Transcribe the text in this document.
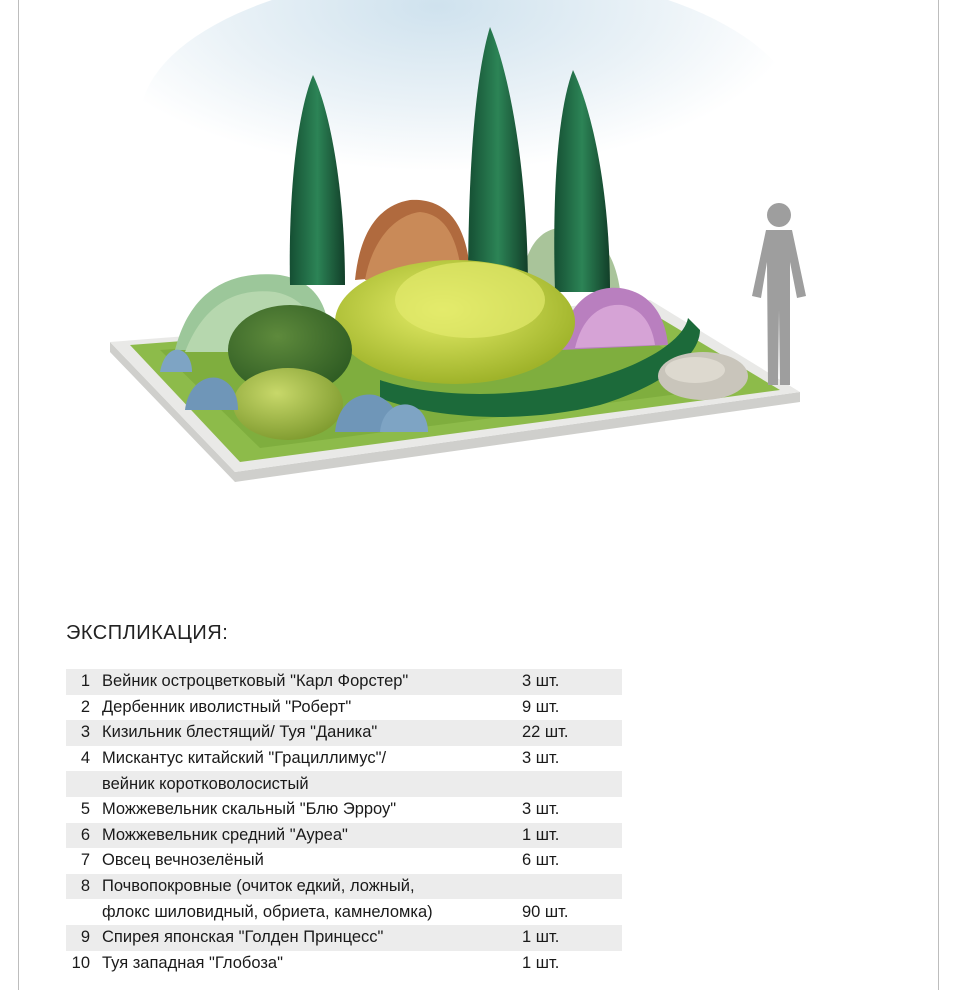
ЭКСПЛИКАЦИЯ:
1 Вейник остроцветковый "Карл Форстер"	3 шт.
2 Дербенник иволистный "Роберт"	9 шт.
3 Кизильник блестящий/ Туя "Даника"	22 шт.
4 Мискантус китайский "Грациллимус"/	3 шт.
вейник коротковолосистый
5 Можжевельник скальный "Блю Эрроу"	3 шт.
6 Можжевельник средний "Ауреа"	1 шт.
7 Овсец вечнозелёный	6 шт.
8 Почвопокровные (очиток едкий, ложный,
флокс шиловидный, обриета, камнеломка)	90 шт.
9 Спирея японская "Голден Принцесс"	1 шт.
10 Туя западная "Глобоза"	1 шт.
